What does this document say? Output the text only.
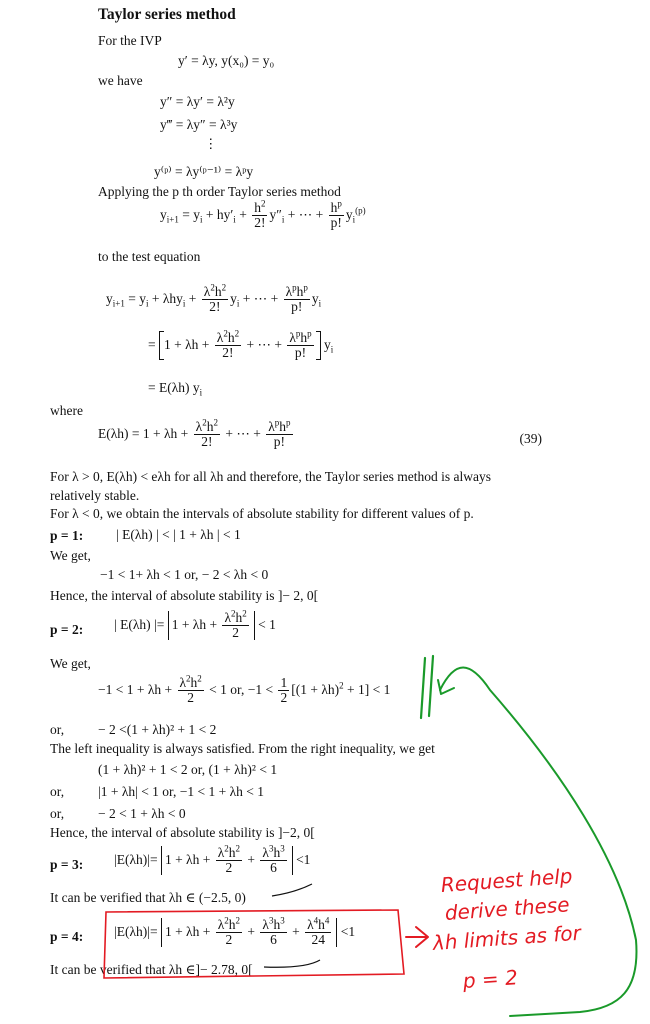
Taylor series method
For the IVP
y′ = λy, y(x₀) = y₀
we have
y″ = λy′ = λ²y
y‴ = λy″ = λ³y
⋮
y⁽ᵖ⁾ = λy⁽ᵖ⁻¹⁾ = λᵖy
Applying the p th order Taylor series method
$y_{i+1} = y_i + hy'_i + \frac{h^2}{2!} y''_i$ + ⋯ + $\frac{h^p}{p!} y_i^{(p)}$
to the test equation
$y_{i+1} = y_i + \lambda hy_i + \frac{\lambda^2h^2}{2!} y_i$ + ⋯ + $\frac{\lambda^ph^p}{p!} y_i$
= $1 + \lambda h + \frac{\lambda^2h^2}{2!}$ + ⋯ + $\frac{\lambda^ph^p}{p!} y_i$
= E(λh) $y_i$
where
$E(\lambda h) = 1 + \lambda h + \frac{\lambda^2h^2}{2!}$ + ⋯ + $\frac{\lambda^ph^p}{p!}$	(39)
For λ > 0, E(λh) < eλh for all λh and therefore, the Taylor series method is always
relatively stable.
For λ < 0, we obtain the intervals of absolute stability for different values of p.
p = 1: | E(λh) | < | 1 + λh | < 1
We get,
−1 < 1+ λh < 1 or, − 2 < λh < 0
Hence, the interval of absolute stability is ]− 2, 0[
p = 2: | E(λh) |= $1 + \lambda h + \frac{\lambda^2h^2}{2} < 1$
We get,
$-1 < 1 + \lambda h + \frac{\lambda^2h^2}{2} < 1$ or, $-1 < \frac{1}{2} [(1 + \lambda h)^2 + 1] < 1$
or,	− 2 <(1 + λh)² + 1 < 2
The left inequality is always satisfied. From the right inequality, we get
(1 + λh)² + 1 < 2 or, (1 + λh)² < 1
or,	|1 + λh| < 1 or, −1 < 1 + λh < 1
or,	− 2 < 1 + λh < 0
Hence, the interval of absolute stability is ]−2, 0[
p = 3: $|E(\lambda h)|= 1 + \lambda h + \frac{\lambda^2h^2}{2} + \frac{\lambda^3h^3}{6} <1$
It can be verified that λh ∈ (−2.5, 0)
p = 4: $|E(\lambda h)|= 1 + \lambda h + \frac{\lambda^2h^2}{2} + \frac{\lambda^3h^3}{6} + \frac{\lambda^4h^4}{24} <1$
It can be verified that λh ∈]− 2.78, 0[
Request help
derive these
λh limits as for
p = 2
